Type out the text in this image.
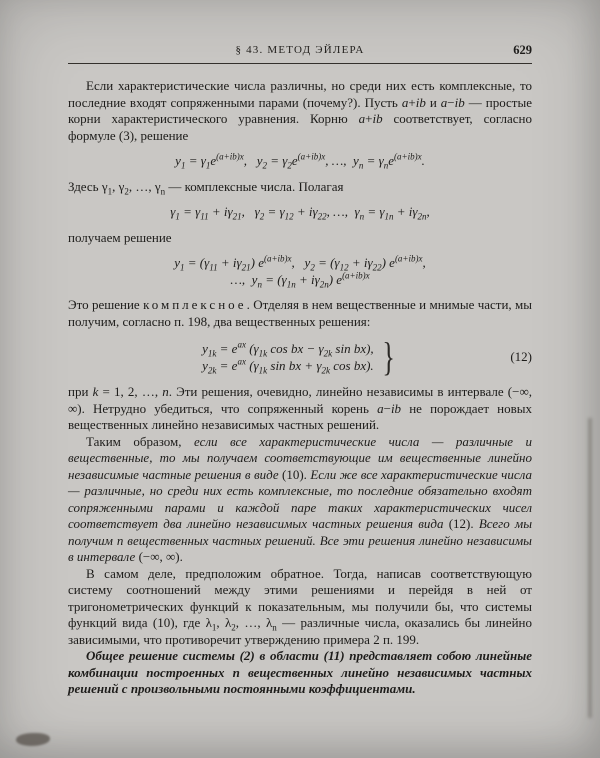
§ 43. МЕТОД ЭЙЛЕРА	629

Если характеристические числа различны, но среди них есть комплексные, то последние входят сопряженными парами (почему?). Пусть a+ib и a−ib — простые корни характеристического уравнения. Корню a+ib соответствует, согласно формуле (3), решение

$y_1 = \gamma_1e^{(a+ib)x}$,   $y_2 = \gamma_2e^{(a+ib)x}$, …,  $y_n = \gamma_ne^{(a+ib)x}$.

Здесь $\gamma_1$, $\gamma_2$, …, $\gamma_n$ — комплексные числа. Полагая

$\gamma_1 = \gamma_{11} + i\gamma_{21}$,   $\gamma_2 = \gamma_{12} + i\gamma_{22}$, …,  $\gamma_n = \gamma_{1n} + i\gamma_{2n}$,

получаем решение

$y_1 = (\gamma_{11} + i\gamma_{21})$ $e^{(a+ib)x}$,   $y_2 = (\gamma_{12} + i\gamma_{22})$ $e^{(a+ib)x}$,
…,  $y_n = (\gamma_{1n} + i\gamma_{2n})$ $e^{(a+ib)x}$

Это решение комплексное. Отделяя в нем вещественные и мнимые части, мы получим, согласно п. 198, два вещественных решения:

$y_{1k} = e^{ax}$ ($\gamma_{1k}$ cos bx − $\gamma_{2k}$ sin bx),
$y_{2k} = e^{ax}$ ($\gamma_{1k}$ sin bx + $\gamma_{2k}$ cos bx). }	(12)

при k = 1, 2, …, n. Эти решения, очевидно, линейно независимы в интервале (−∞, ∞). Нетрудно убедиться, что сопряженный корень a−ib не порождает новых вещественных линейно независимых частных решений.

Таким образом, если все характеристические числа — различные и вещественные, то мы получаем соответствующие им вещественные линейно независимые частные решения в виде (10). Если же все характеристические числа — различные, но среди них есть комплексные, то последние обязательно входят сопряженными парами и каждой паре таких характеристических чисел соответствует два линейно независимых частных решения вида (12). Всего мы получим n вещественных частных решений. Все эти решения линейно независимы в интервале (−∞, ∞).

В самом деле, предположим обратное. Тогда, написав соответствующую систему соотношений между этими решениями и перейдя в ней от тригонометрических функций к показательным, мы получили бы, что системы функций вида (10), где $\lambda_1$, $\lambda_2$, …, $\lambda_n$ — различные числа, оказались бы линейно зависимыми, что противоречит утверждению примера 2 п. 199.

Общее решение системы (2) в области (11) представляет собою линейные комбинации построенных n вещественных линейно независимых частных решений с произвольными постоянными коэффициентами.
